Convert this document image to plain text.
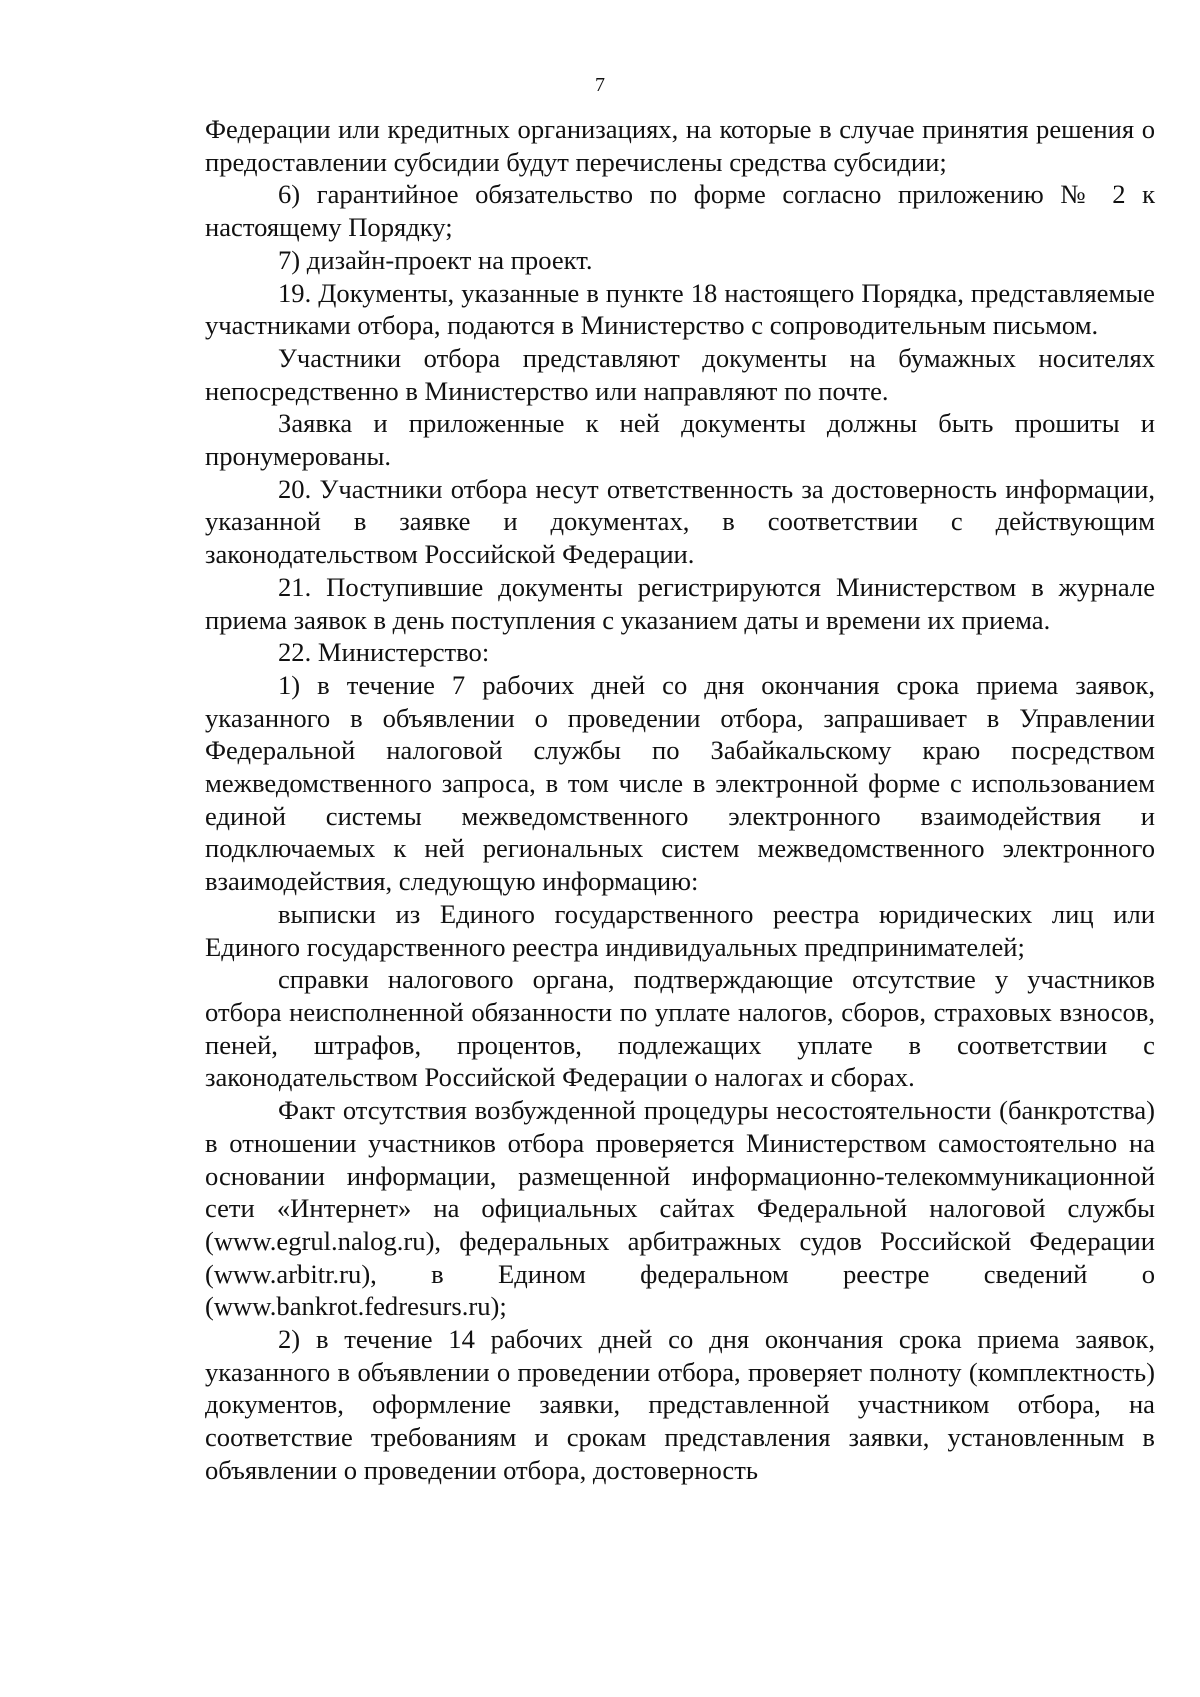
7

Федерации или кредитных организациях, на которые в случае принятия решения о предоставлении субсидии будут перечислены средства субсидии;

6) гарантийное обязательство по форме согласно приложению № 2 к настоящему Порядку;

7) дизайн-проект на проект.

19. Документы, указанные в пункте 18 настоящего Порядка, представляемые участниками отбора, подаются в Министерство с сопроводительным письмом.

Участники отбора представляют документы на бумажных носителях непосредственно в Министерство или направляют по почте.

Заявка и приложенные к ней документы должны быть прошиты и пронумерованы.

20. Участники отбора несут ответственность за достоверность информации, указанной в заявке и документах, в соответствии с действующим законодательством Российской Федерации.

21. Поступившие документы регистрируются Министерством в журнале приема заявок в день поступления с указанием даты и времени их приема.

22. Министерство:

1) в течение 7 рабочих дней со дня окончания срока приема заявок, указанного в объявлении о проведении отбора, запрашивает в Управлении Федеральной налоговой службы по Забайкальскому краю посредством межведомственного запроса, в том числе в электронной форме с использованием единой системы межведомственного электронного взаимодействия и подключаемых к ней региональных систем межведомственного электронного взаимодействия, следующую информацию:

выписки из Единого государственного реестра юридических лиц или Единого государственного реестра индивидуальных предпринимателей;

справки налогового органа, подтверждающие отсутствие у участников отбора неисполненной обязанности по уплате налогов, сборов, страховых взносов, пеней, штрафов, процентов, подлежащих уплате в соответствии с законодательством Российской Федерации о налогах и сборах.

Факт отсутствия возбужденной процедуры несостоятельности (банкротства) в отношении участников отбора проверяется Министерством самостоятельно на основании информации, размещенной информационно-телекоммуникационной сети «Интернет» на официальных сайтах Федеральной налоговой службы (www.egrul.nalog.ru), федеральных арбитражных судов Российской Федерации (www.arbitr.ru), в Едином федеральном реестре сведений о (www.bankrot.fedresurs.ru);

2) в течение 14 рабочих дней со дня окончания срока приема заявок, указанного в объявлении о проведении отбора, проверяет полноту (комплектность) документов, оформление заявки, представленной участником отбора, на соответствие требованиям и срокам представления заявки, установленным в объявлении о проведении отбора, достоверность
